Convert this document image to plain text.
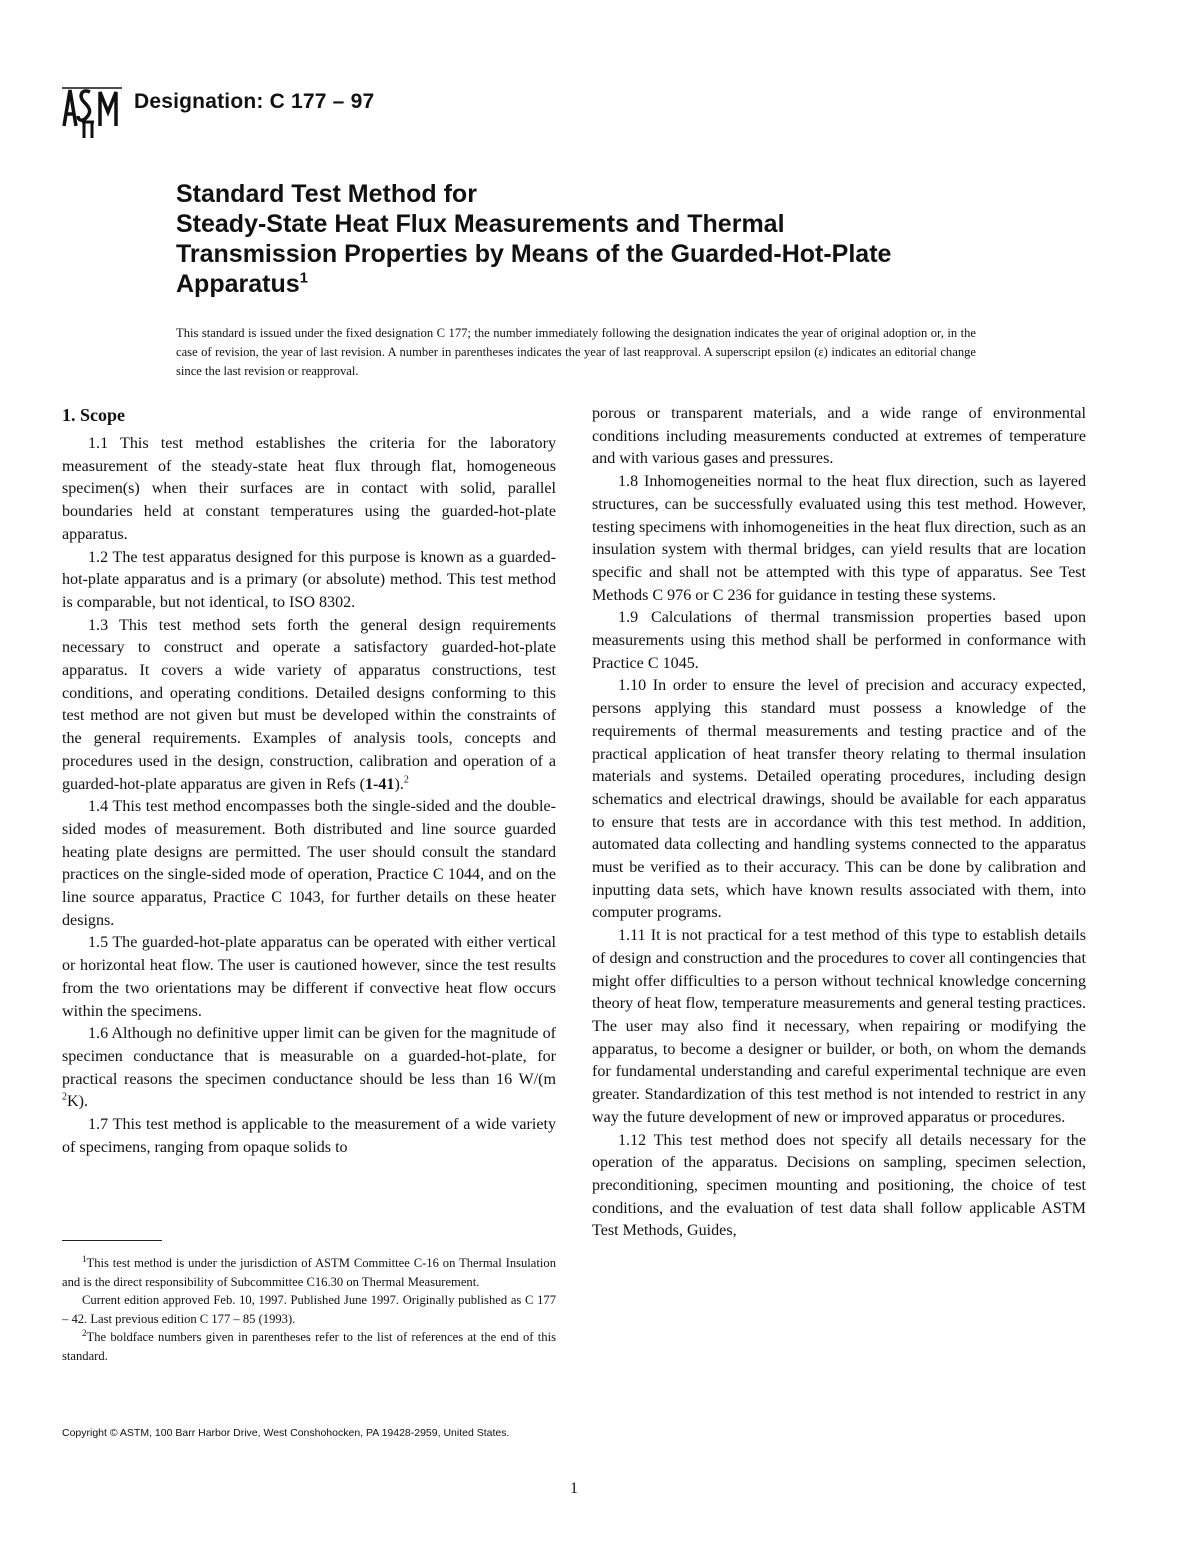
Designation: C 177 – 97
Standard Test Method for
Steady-State Heat Flux Measurements and Thermal
Transmission Properties by Means of the Guarded-Hot-Plate
Apparatus$^1$
This standard is issued under the fixed designation C 177; the number immediately following the designation indicates the year of original adoption or, in the case of revision, the year of last revision. A number in parentheses indicates the year of last reapproval. A superscript epsilon (ε) indicates an editorial change since the last revision or reapproval.
1. Scope

1.1 This test method establishes the criteria for the laboratory measurement of the steady-state heat flux through flat, homogeneous specimen(s) when their surfaces are in contact with solid, parallel boundaries held at constant temperatures using the guarded-hot-plate apparatus.

1.2 The test apparatus designed for this purpose is known as a guarded-hot-plate apparatus and is a primary (or absolute) method. This test method is comparable, but not identical, to ISO 8302.

1.3 This test method sets forth the general design requirements necessary to construct and operate a satisfactory guarded-hot-plate apparatus. It covers a wide variety of apparatus constructions, test conditions, and operating conditions. Detailed designs conforming to this test method are not given but must be developed within the constraints of the general requirements. Examples of analysis tools, concepts and procedures used in the design, construction, calibration and operation of a guarded-hot-plate apparatus are given in Refs (1-41).$^2$

1.4 This test method encompasses both the single-sided and the double-sided modes of measurement. Both distributed and line source guarded heating plate designs are permitted. The user should consult the standard practices on the single-sided mode of operation, Practice C 1044, and on the line source apparatus, Practice C 1043, for further details on these heater designs.

1.5 The guarded-hot-plate apparatus can be operated with either vertical or horizontal heat flow. The user is cautioned however, since the test results from the two orientations may be different if convective heat flow occurs within the specimens.

1.6 Although no definitive upper limit can be given for the magnitude of specimen conductance that is measurable on a guarded-hot-plate, for practical reasons the specimen conductance should be less than 16 W/(m $^2$K).

1.7 This test method is applicable to the measurement of a wide variety of specimens, ranging from opaque solids to

porous or transparent materials, and a wide range of environmental conditions including measurements conducted at extremes of temperature and with various gases and pressures.

1.8 Inhomogeneities normal to the heat flux direction, such as layered structures, can be successfully evaluated using this test method. However, testing specimens with inhomogeneities in the heat flux direction, such as an insulation system with thermal bridges, can yield results that are location specific and shall not be attempted with this type of apparatus. See Test Methods C 976 or C 236 for guidance in testing these systems.

1.9 Calculations of thermal transmission properties based upon measurements using this method shall be performed in conformance with Practice C 1045.

1.10 In order to ensure the level of precision and accuracy expected, persons applying this standard must possess a knowledge of the requirements of thermal measurements and testing practice and of the practical application of heat transfer theory relating to thermal insulation materials and systems. Detailed operating procedures, including design schematics and electrical drawings, should be available for each apparatus to ensure that tests are in accordance with this test method. In addition, automated data collecting and handling systems connected to the apparatus must be verified as to their accuracy. This can be done by calibration and inputting data sets, which have known results associated with them, into computer programs.

1.11 It is not practical for a test method of this type to establish details of design and construction and the procedures to cover all contingencies that might offer difficulties to a person without technical knowledge concerning theory of heat flow, temperature measurements and general testing practices. The user may also find it necessary, when repairing or modifying the apparatus, to become a designer or builder, or both, on whom the demands for fundamental understanding and careful experimental technique are even greater. Standardization of this test method is not intended to restrict in any way the future development of new or improved apparatus or procedures.

1.12 This test method does not specify all details necessary for the operation of the apparatus. Decisions on sampling, specimen selection, preconditioning, specimen mounting and positioning, the choice of test conditions, and the evaluation of test data shall follow applicable ASTM Test Methods, Guides,

$^1$This test method is under the jurisdiction of ASTM Committee C-16 on Thermal Insulation and is the direct responsibility of Subcommittee C16.30 on Thermal Measurement.

Current edition approved Feb. 10, 1997. Published June 1997. Originally published as C 177 – 42. Last previous edition C 177 – 85 (1993).

$^2$The boldface numbers given in parentheses refer to the list of references at the end of this standard.

Copyright © ASTM, 100 Barr Harbor Drive, West Conshohocken, PA 19428-2959, United States.
1
